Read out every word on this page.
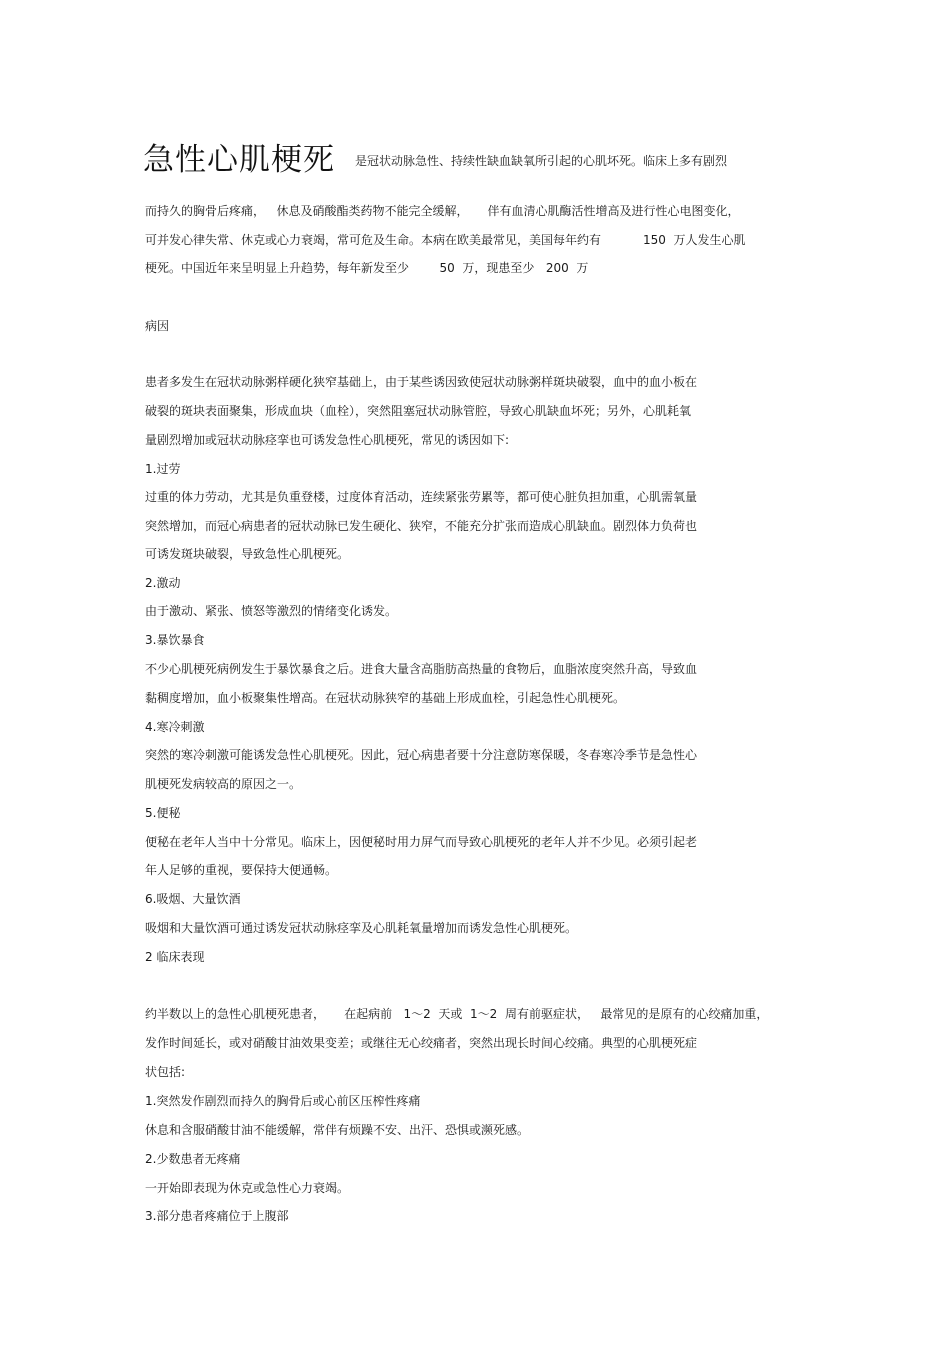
急性心肌梗死 是冠状动脉急性、持续性缺血缺氧所引起的心肌坏死。临床上多有剧烈
而持久的胸骨后疼痛，   休息及硝酸酯类药物不能完全缓解，     伴有血清心肌酶活性增高及进行性心电图变化，
可并发心律失常、休克或心力衰竭，常可危及生命。本病在欧美最常见，美国每年约有           150  万人发生心肌
梗死。中国近年来呈明显上升趋势，每年新发至少        50  万，现患至少   200  万
病因
患者多发生在冠状动脉粥样硬化狭窄基础上，由于某些诱因致使冠状动脉粥样斑块破裂，血中的血小板在
破裂的斑块表面聚集，形成血块（血栓），突然阻塞冠状动脉管腔，导致心肌缺血坏死；另外，心肌耗氧
量剧烈增加或冠状动脉痉挛也可诱发急性心肌梗死，常见的诱因如下:
1.过劳
过重的体力劳动，尤其是负重登楼，过度体育活动，连续紧张劳累等，都可使心脏负担加重，心肌需氧量
突然增加，而冠心病患者的冠状动脉已发生硬化、狭窄，不能充分扩张而造成心肌缺血。剧烈体力负荷也
可诱发斑块破裂，导致急性心肌梗死。
2.激动
由于激动、紧张、愤怒等激烈的情绪变化诱发。
3.暴饮暴食
不少心肌梗死病例发生于暴饮暴食之后。进食大量含高脂肪高热量的食物后，血脂浓度突然升高，导致血
黏稠度增加，血小板聚集性增高。在冠状动脉狭窄的基础上形成血栓，引起急性心肌梗死。
4.寒冷刺激
突然的寒冷刺激可能诱发急性心肌梗死。因此，冠心病患者要十分注意防寒保暖，冬春寒冷季节是急性心
肌梗死发病较高的原因之一。
5.便秘
便秘在老年人当中十分常见。临床上，因便秘时用力屏气而导致心肌梗死的老年人并不少见。必须引起老
年人足够的重视，要保持大便通畅。
6.吸烟、大量饮酒
吸烟和大量饮酒可通过诱发冠状动脉痉挛及心肌耗氧量增加而诱发急性心肌梗死。
2 临床表现
约半数以上的急性心肌梗死患者，     在起病前   1～2  天或  1～2  周有前驱症状，   最常见的是原有的心绞痛加重，
发作时间延长，或对硝酸甘油效果变差；或继往无心绞痛者，突然出现长时间心绞痛。典型的心肌梗死症
状包括:
1.突然发作剧烈而持久的胸骨后或心前区压榨性疼痛
休息和含服硝酸甘油不能缓解，常伴有烦躁不安、出汗、恐惧或濒死感。
2.少数患者无疼痛
一开始即表现为休克或急性心力衰竭。
3.部分患者疼痛位于上腹部
